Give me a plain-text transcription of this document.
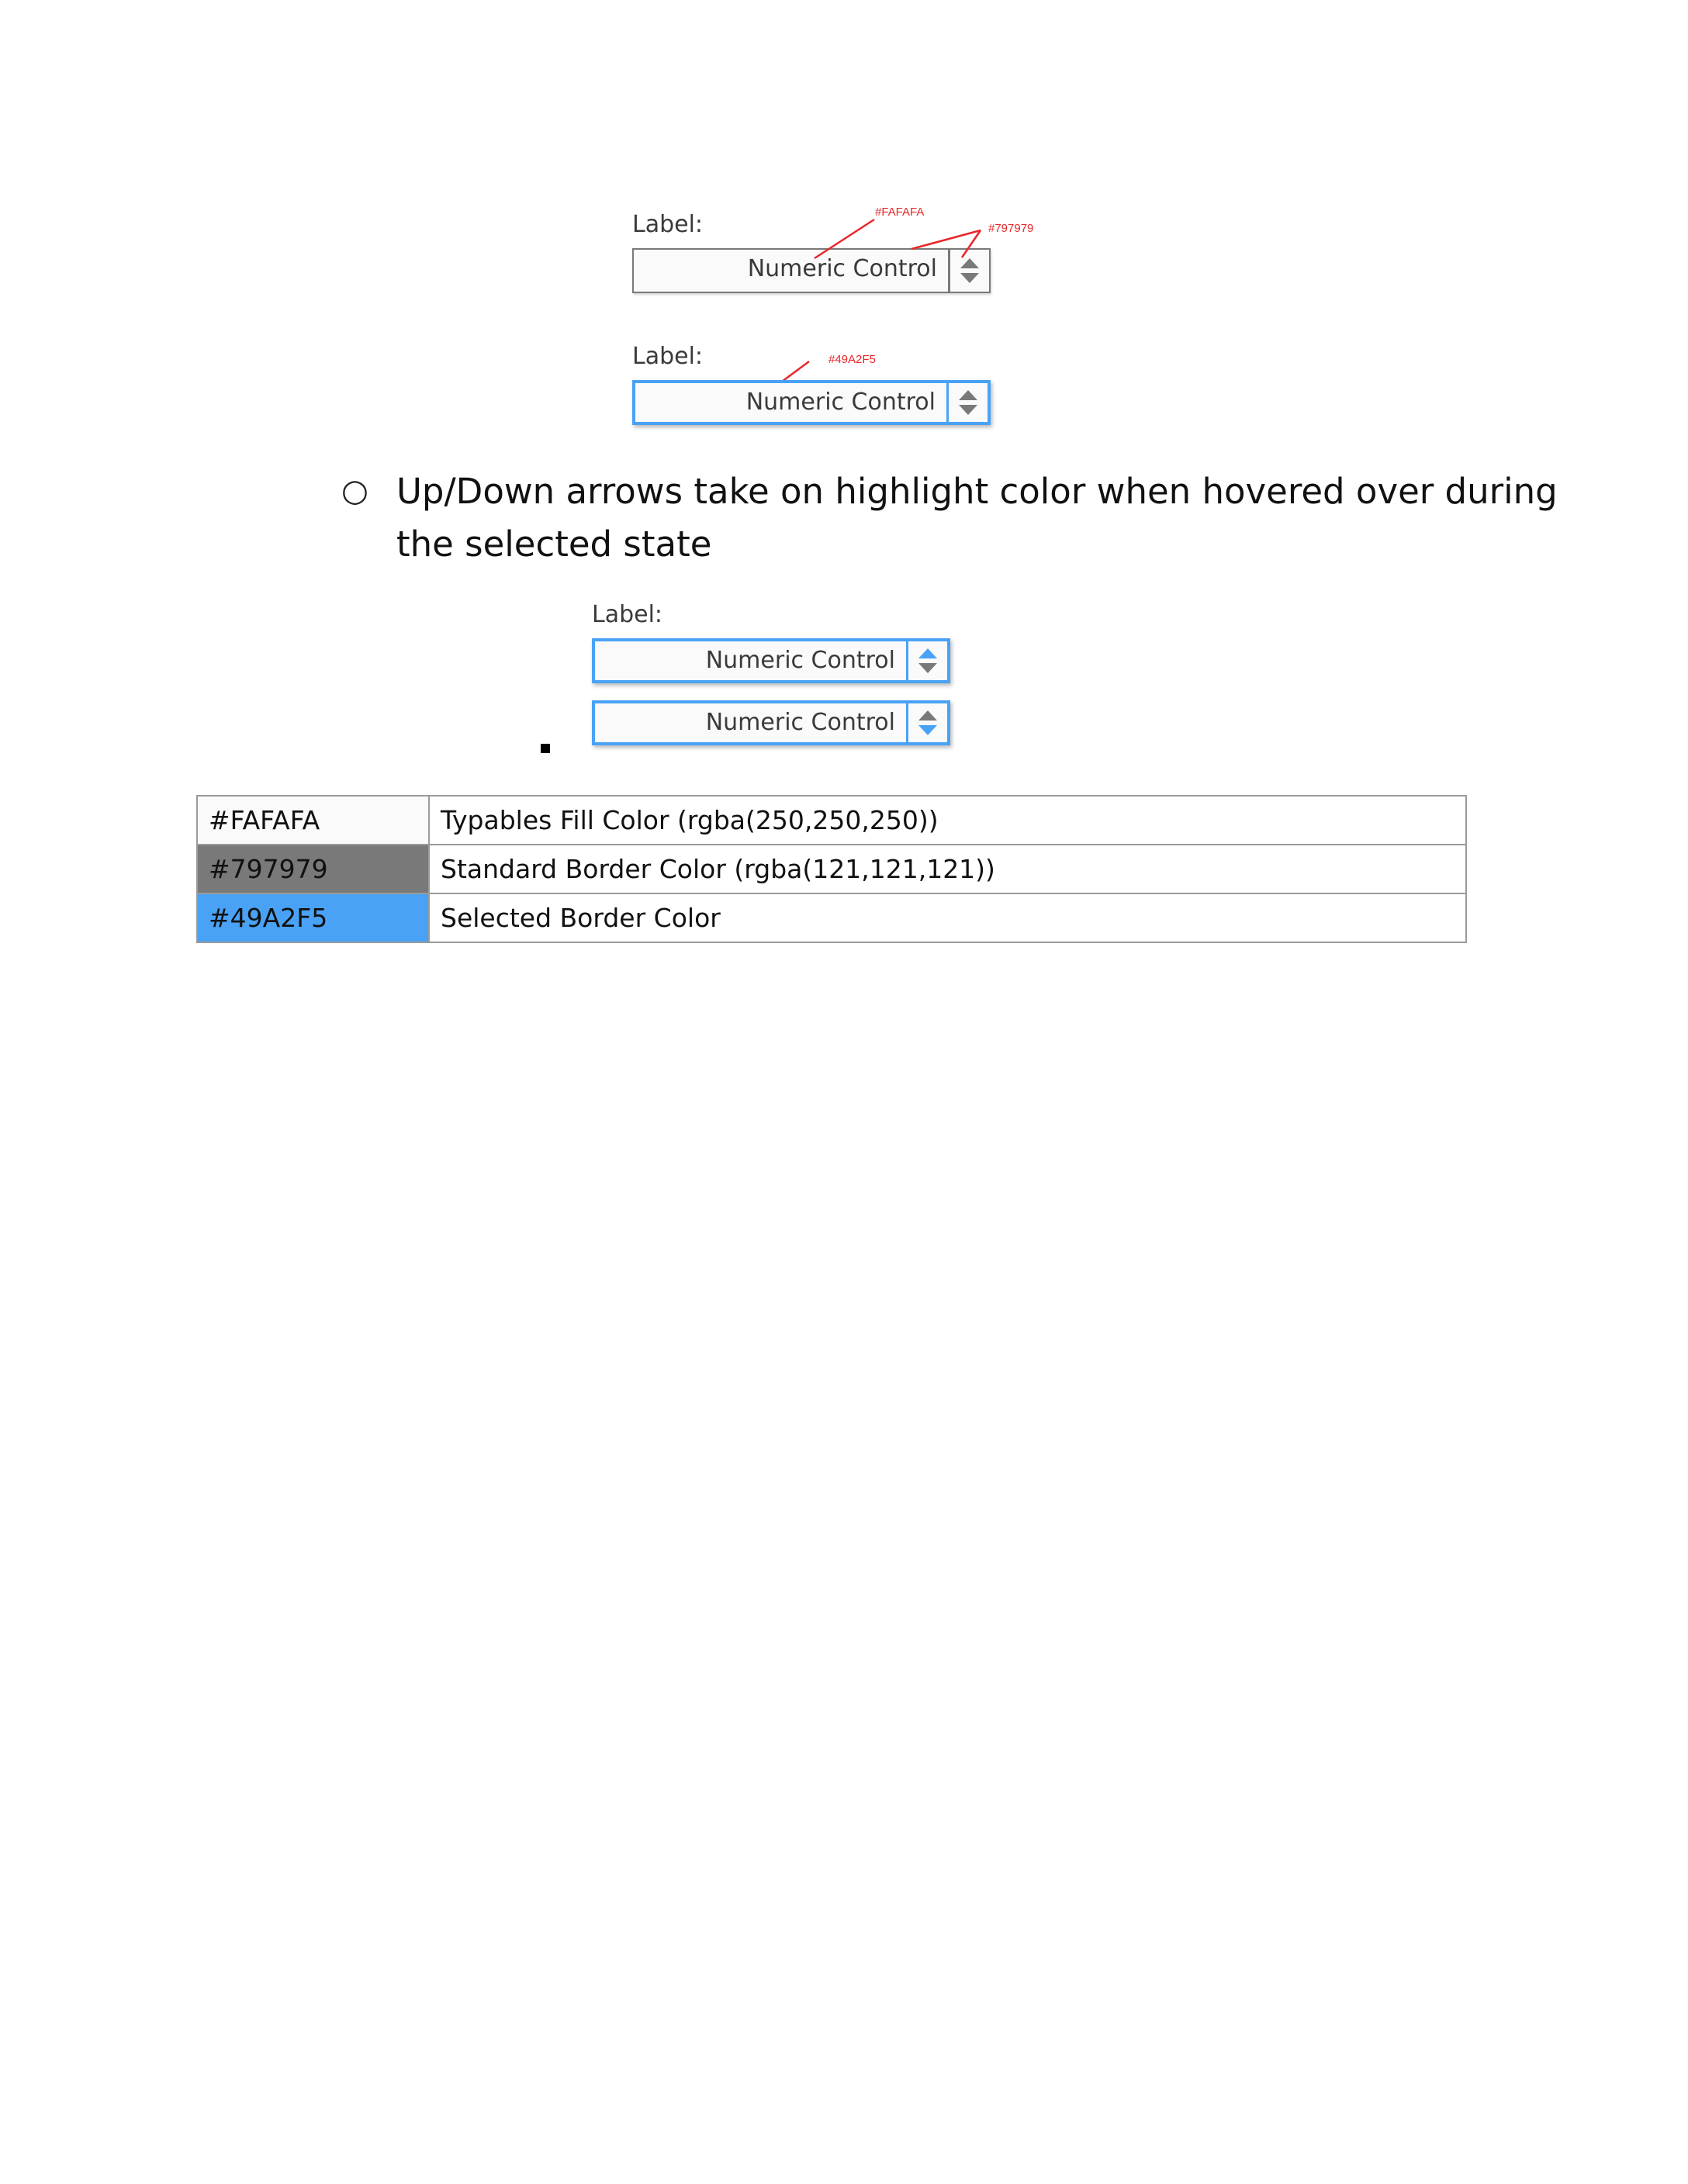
Label:
Numeric Control
#FAFAFA
#797979
Label:
Numeric Control
#49A2F5
○ Up/Down arrows take on highlight color when hovered over during
the selected state
Label:
Numeric Control
Numeric Control
#FAFAFA	Typables Fill Color (rgba(250,250,250))
#797979	Standard Border Color (rgba(121,121,121))
#49A2F5	Selected Border Color
